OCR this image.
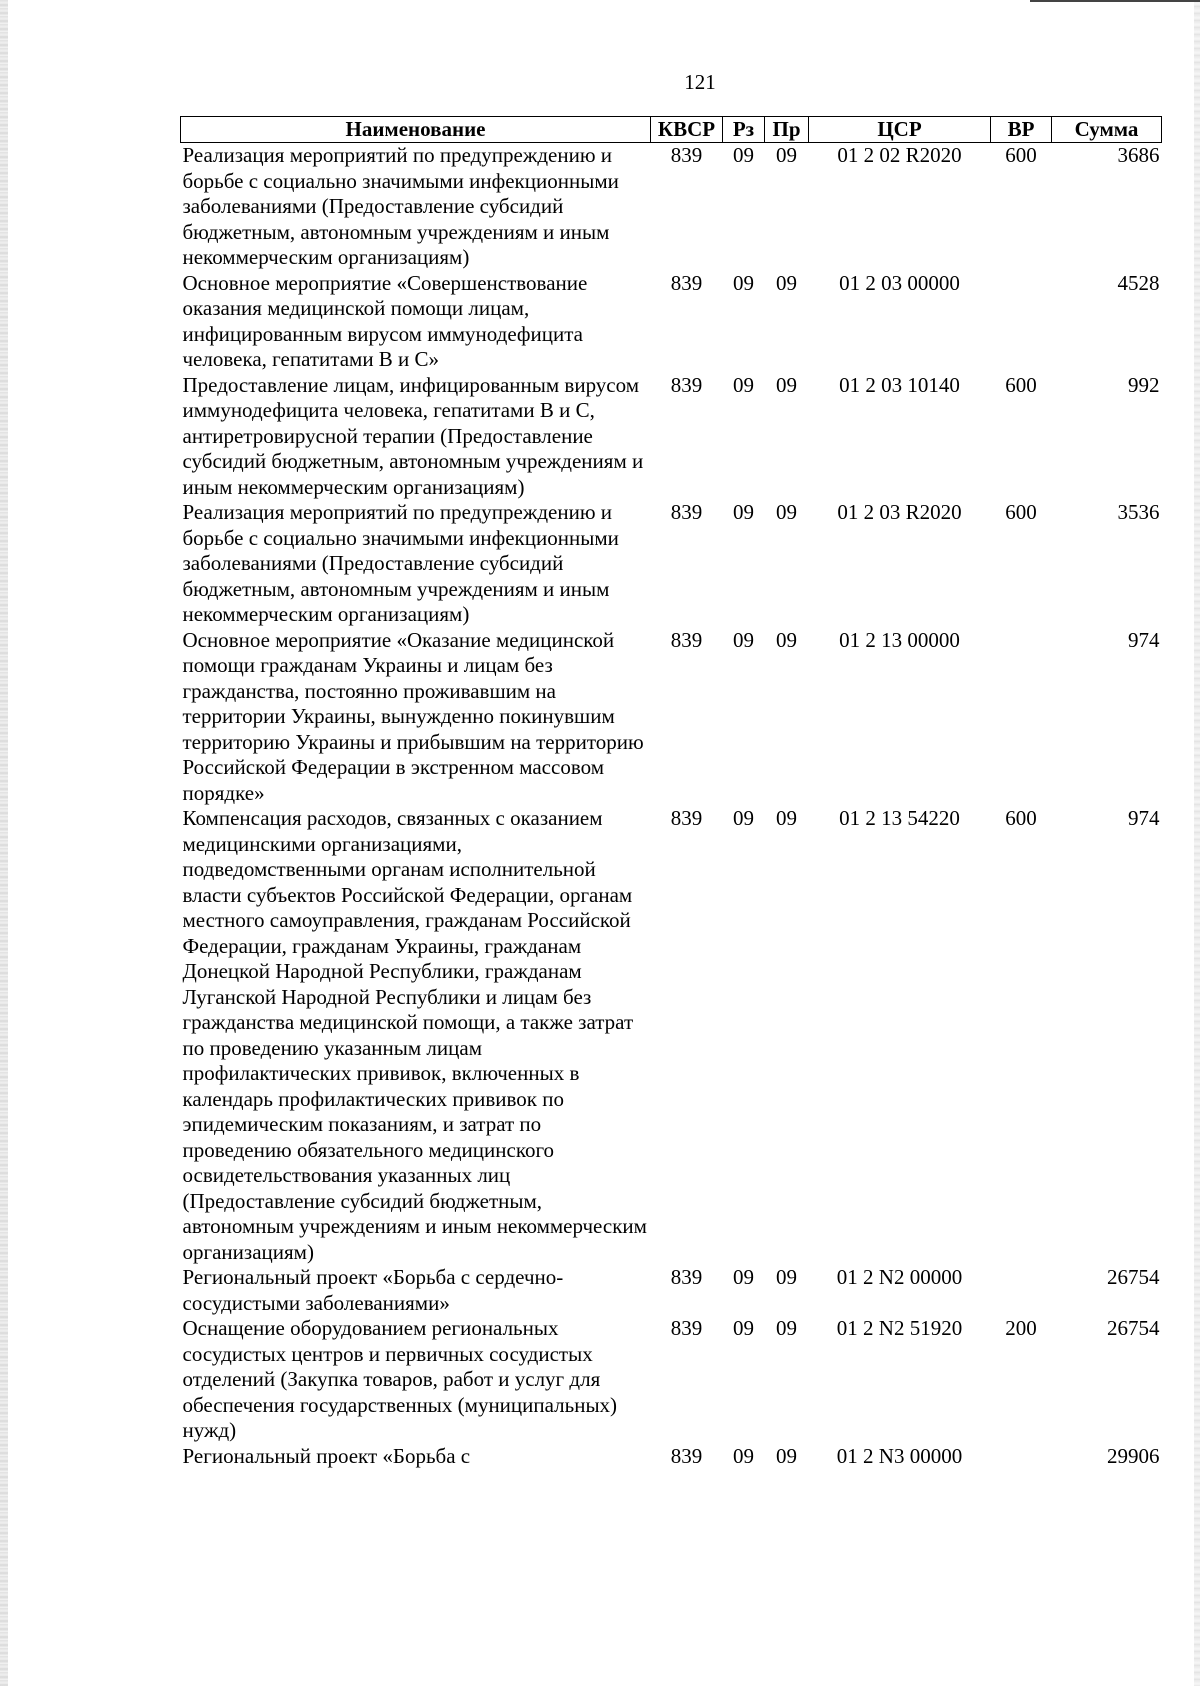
121
Наименование	КВСР	Рз	Пр	ЦСР	ВР	Сумма
Реализация мероприятий по предупреждению и борьбе с социально значимыми инфекционными заболеваниями (Предоставление субсидий бюджетным, автономным учреждениям и иным некоммерческим организациям)	839	09	09	01 2 02 R2020	600	3686
Основное мероприятие «Совершенствование оказания медицинской помощи лицам, инфицированным вирусом иммунодефицита человека, гепатитами В и С»	839	09	09	01 2 03 00000		4528
Предоставление лицам, инфицированным вирусом иммунодефицита человека, гепатитами В и С, антиретровирусной терапии (Предоставление субсидий бюджетным, автономным учреждениям и иным некоммерческим организациям)	839	09	09	01 2 03 10140	600	992
Реализация мероприятий по предупреждению и борьбе с социально значимыми инфекционными заболеваниями (Предоставление субсидий бюджетным, автономным учреждениям и иным некоммерческим организациям)	839	09	09	01 2 03 R2020	600	3536
Основное мероприятие «Оказание медицинской помощи гражданам Украины и лицам без гражданства, постоянно проживавшим на территории Украины, вынужденно покинувшим территорию Украины и прибывшим на территорию Российской Федерации в экстренном массовом порядке»	839	09	09	01 2 13 00000		974
Компенсация расходов, связанных с оказанием медицинскими организациями, подведомственными органам исполнительной власти субъектов Российской Федерации, органам местного самоуправления, гражданам Российской Федерации, гражданам Украины, гражданам Донецкой Народной Республики, гражданам Луганской Народной Республики и лицам без гражданства медицинской помощи, а также затрат по проведению указанным лицам профилактических прививок, включенных в календарь профилактических прививок по эпидемическим показаниям, и затрат по проведению обязательного медицинского освидетельствования указанных лиц (Предоставление субсидий бюджетным, автономным учреждениям и иным некоммерческим организациям)	839	09	09	01 2 13 54220	600	974
Региональный проект «Борьба с сердечно-сосудистыми заболеваниями»	839	09	09	01 2 N2 00000		26754
Оснащение оборудованием региональных сосудистых центров и первичных сосудистых отделений (Закупка товаров, работ и услуг для обеспечения государственных (муниципальных) нужд)	839	09	09	01 2 N2 51920	200	26754
Региональный проект «Борьба с	839	09	09	01 2 N3 00000		29906
